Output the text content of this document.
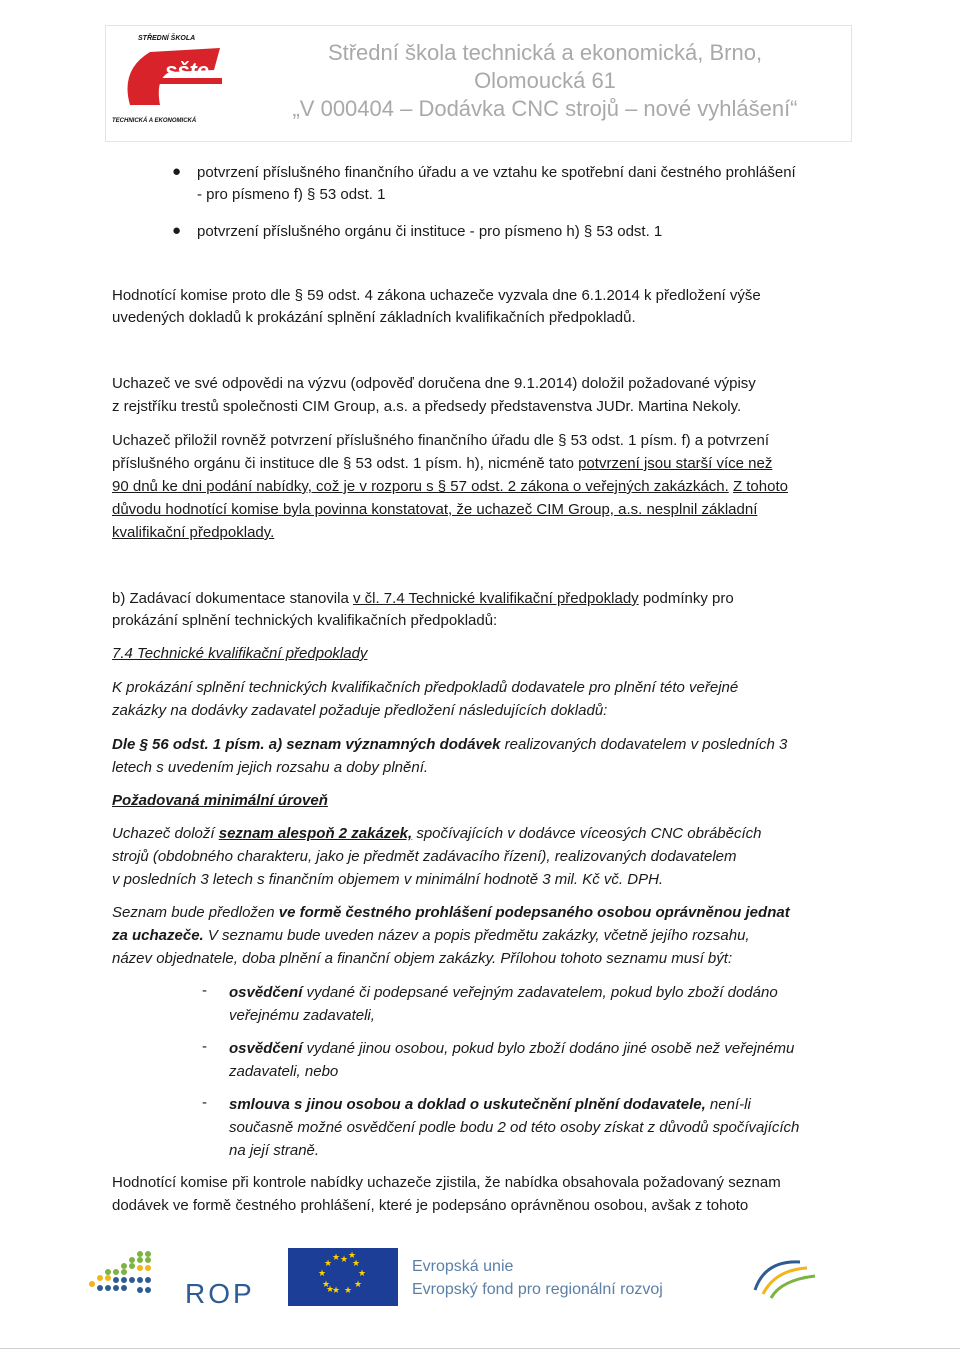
STŘEDNÍ ŠKOLA
sšte
BRNO
TECHNICKÁ A EKONOMICKÁ
Střední škola technická a ekonomická, Brno,
Olomoucká 61
„V 000404 – Dodávka CNC strojů – nové vyhlášení“
● potvrzení příslušného finančního úřadu a ve vztahu ke spotřební dani čestného prohlášení
- pro písmeno f) § 53 odst. 1
● potvrzení příslušného orgánu či instituce - pro písmeno h) § 53 odst. 1
Hodnotící komise proto dle § 59 odst. 4 zákona uchazeče vyzvala dne 6.1.2014 k předložení výše
uvedených dokladů k prokázání splnění základních kvalifikačních předpokladů.
Uchazeč ve své odpovědi na výzvu (odpověď doručena dne 9.1.2014) doložil požadované výpisy
z rejstříku trestů společnosti CIM Group, a.s. a předsedy představenstva JUDr. Martina Nekoly.
Uchazeč přiložil rovněž potvrzení příslušného finančního úřadu dle § 53 odst. 1 písm. f) a potvrzení
příslušného orgánu či instituce dle § 53 odst. 1 písm. h), nicméně tato potvrzení jsou starší více než
90 dnů ke dni podání nabídky, což je v rozporu s § 57 odst. 2 zákona o veřejných zakázkách. Z tohoto
důvodu hodnotící komise byla povinna konstatovat, že uchazeč CIM Group, a.s. nesplnil základní
kvalifikační předpoklady.
b) Zadávací dokumentace stanovila v čl. 7.4 Technické kvalifikační předpoklady podmínky pro
prokázání splnění technických kvalifikačních předpokladů:
7.4 Technické kvalifikační předpoklady
K prokázání splnění technických kvalifikačních předpokladů dodavatele pro plnění této veřejné
zakázky na dodávky zadavatel požaduje předložení následujících dokladů:
Dle § 56 odst. 1 písm. a) seznam významných dodávek realizovaných dodavatelem v posledních 3
letech s uvedením jejich rozsahu a doby plnění.
Požadovaná minimální úroveň
Uchazeč doloží seznam alespoň 2 zakázek, spočívajících v dodávce víceosých CNC obráběcích
strojů (obdobného charakteru, jako je předmět zadávacího řízení), realizovaných dodavatelem
v posledních 3 letech s finančním objemem v minimální hodnotě 3 mil. Kč vč. DPH.
Seznam bude předložen ve formě čestného prohlášení podepsaného osobou oprávněnou jednat
za uchazeče. V seznamu bude uveden název a popis předmětu zakázky, včetně jejího rozsahu,
název objednatele, doba plnění a finanční objem zakázky. Přílohou tohoto seznamu musí být:
- osvědčení vydané či podepsané veřejným zadavatelem, pokud bylo zboží dodáno
veřejnému zadavateli,
- osvědčení vydané jinou osobou, pokud bylo zboží dodáno jiné osobě než veřejnému
zadavateli, nebo
- smlouva s jinou osobou a doklad o uskutečnění plnění dodavatele, není-li
současně možné osvědčení podle bodu 2 od této osoby získat z důvodů spočívajících
na její straně.
Hodnotící komise při kontrole nabídky uchazeče zjistila, že nabídka obsahovala požadovaný seznam
dodávek ve formě čestného prohlášení, které je podepsáno oprávněnou osobou, avšak z tohoto
ROP
★ ★
★
★
★
★
★
★
★
★ ★
★
Evropská unie
Evropský fond pro regionální rozvoj
